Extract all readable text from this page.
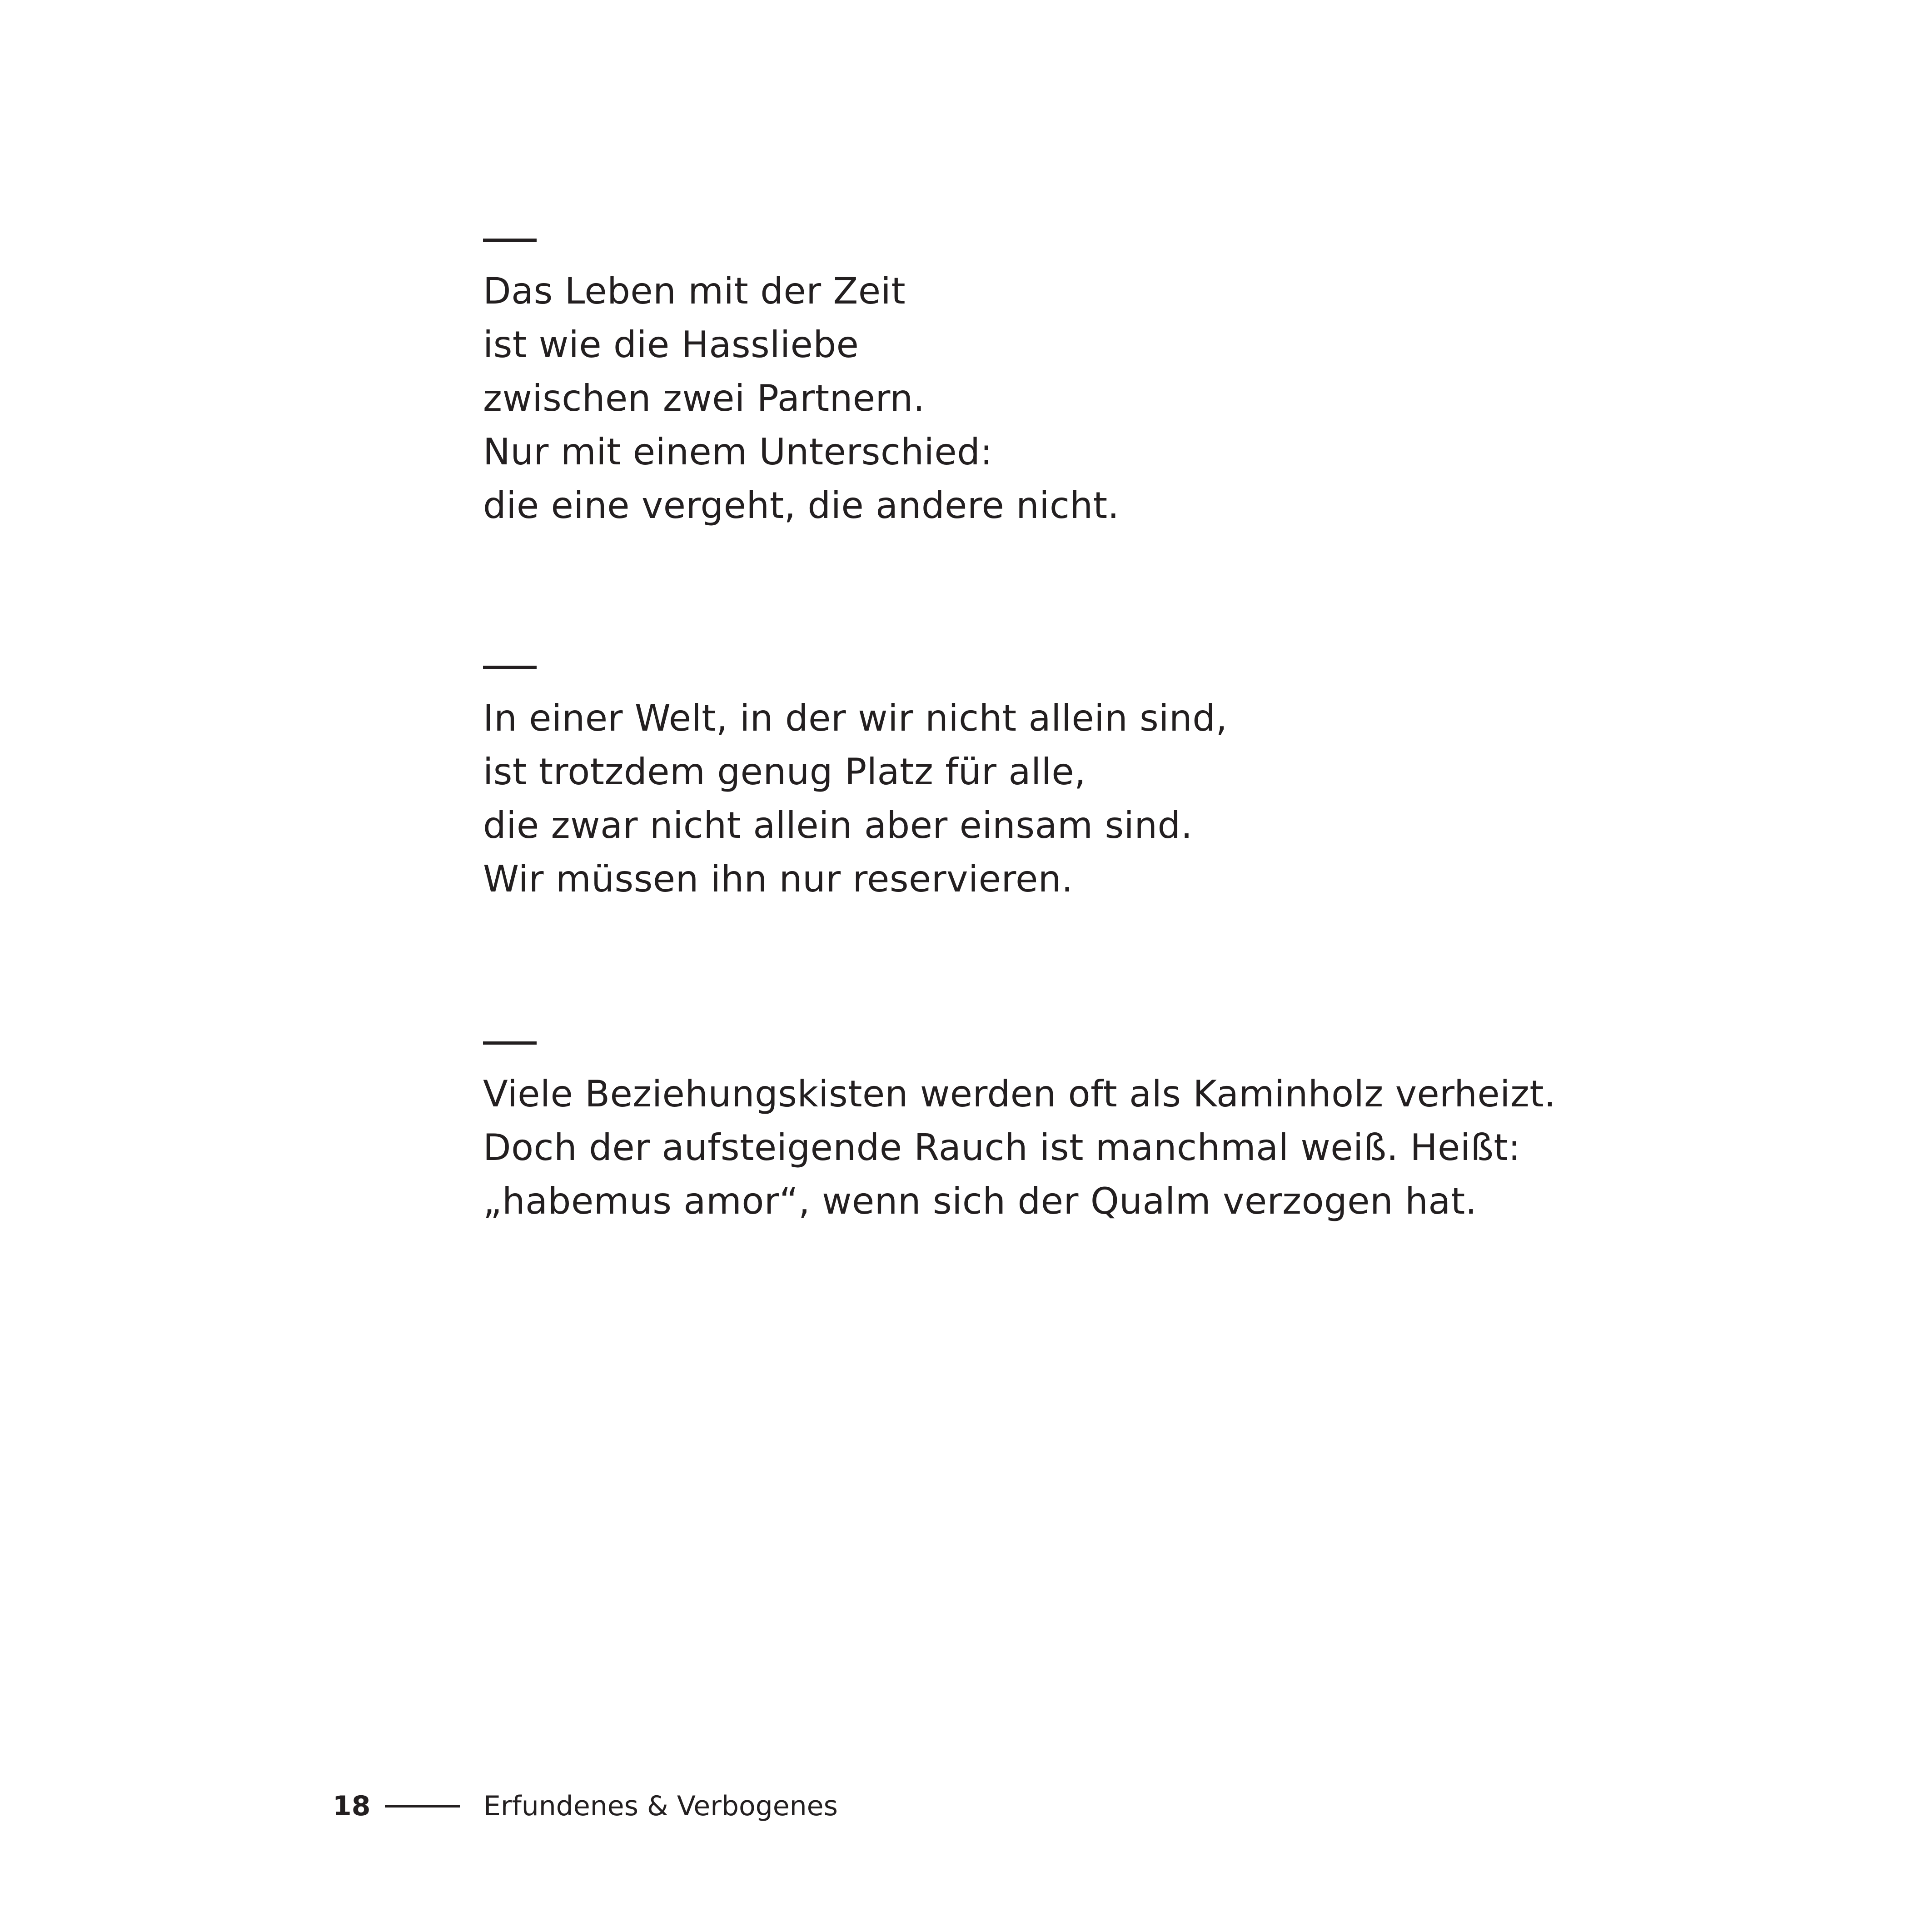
Das Leben mit der Zeit
ist wie die Hassliebe
zwischen zwei Partnern.
Nur mit einem Unterschied:
die eine vergeht, die andere nicht.
In einer Welt, in der wir nicht allein sind,
ist trotzdem genug Platz für alle,
die zwar nicht allein aber einsam sind.
Wir müssen ihn nur reservieren.
Viele Beziehungskisten werden oft als Kaminholz verheizt.
Doch der aufsteigende Rauch ist manchmal weiß. Heißt:
„habemus amor“, wenn sich der Qualm verzogen hat.
18	Erfundenes & Verbogenes
